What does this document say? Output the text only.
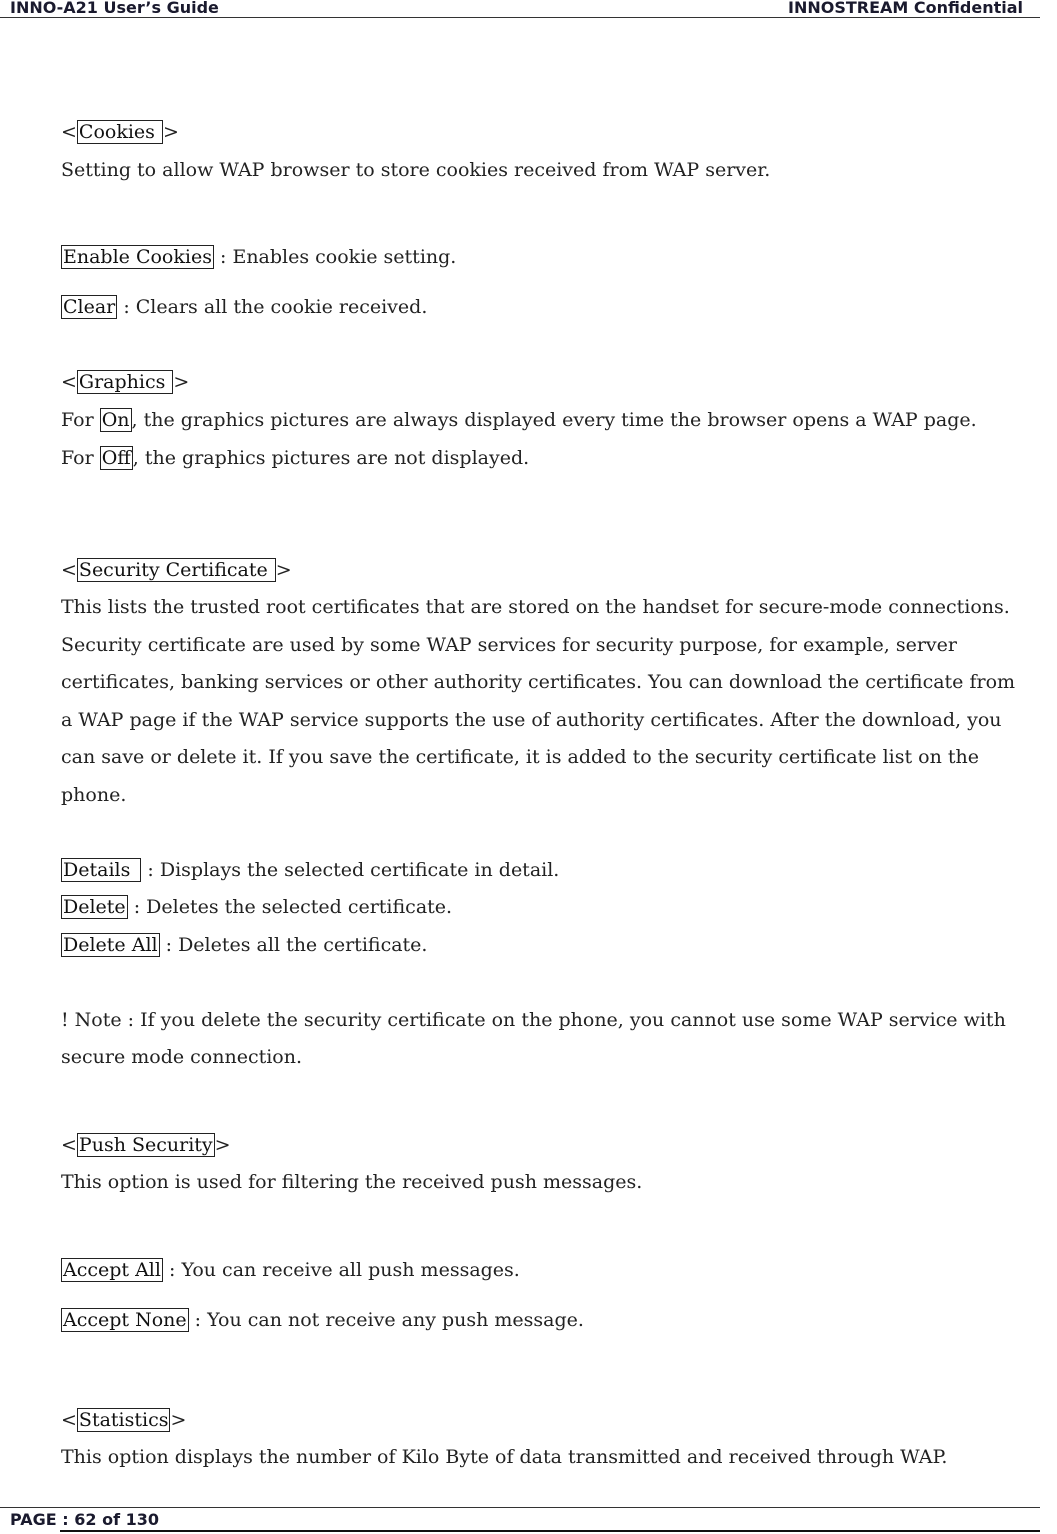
INNO-A21 User’s Guide	INNOSTREAM Confidential
< Cookies >
Setting to allow WAP browser to store cookies received from WAP server.
Enable Cookies : Enables cookie setting.
Clear : Clears all the cookie received.
< Graphics >
For On , the graphics pictures are always displayed every time the browser opens a WAP page.
For Off , the graphics pictures are not displayed.
< Security Certificate >
This lists the trusted root certificates that are stored on the handset for secure-mode connections.
Security certificate are used by some WAP services for security purpose, for example, server
certificates, banking services or other authority certificates. You can download the certificate from
a WAP page if the WAP service supports the use of authority certificates. After the download, you
can save or delete it. If you save the certificate, it is added to the security certificate list on the
phone.
Details : Displays the selected certificate in detail.
Delete : Deletes the selected certificate.
Delete All : Deletes all the certificate.
! Note : If you delete the security certificate on the phone, you cannot use some WAP service with
secure mode connection.
< Push Security >
This option is used for filtering the received push messages.
Accept All : You can receive all push messages.
Accept None : You can not receive any push message.
< Statistics >
This option displays the number of Kilo Byte of data transmitted and received through WAP.
PAGE : 62 of 130
